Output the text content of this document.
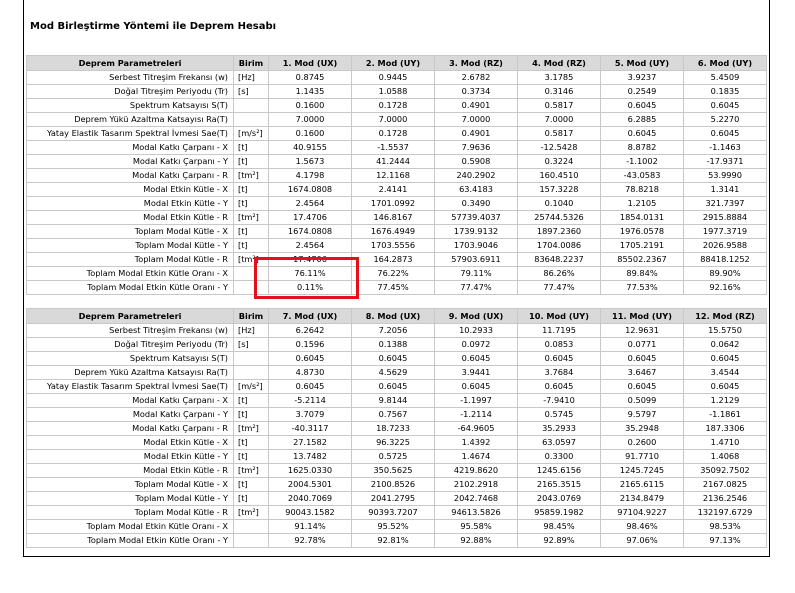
Mod Birleştirme Yöntemi ile Deprem Hesabı
Deprem Parametreleri	Birim	1. Mod (UX)	2. Mod (UY)	3. Mod (RZ)	4. Mod (RZ)	5. Mod (UY)	6. Mod (UY)
Serbest Titreşim Frekansı (w)	[Hz]	0.8745	0.9445	2.6782	3.1785	3.9237	5.4509
Doğal Titreşim Periyodu (Tr)	[s]	1.1435	1.0588	0.3734	0.3146	0.2549	0.1835
Spektrum Katsayısı S(T)		0.1600	0.1728	0.4901	0.5817	0.6045	0.6045
Deprem Yükü Azaltma Katsayısı Ra(T)		7.0000	7.0000	7.0000	7.0000	6.2885	5.2270
Yatay Elastik Tasarım Spektral İvmesi Sae(T)	[m/s²]	0.1600	0.1728	0.4901	0.5817	0.6045	0.6045
Modal Katkı Çarpanı - X	[t]	40.9155	-1.5537	7.9636	-12.5428	8.8782	-1.1463
Modal Katkı Çarpanı - Y	[t]	1.5673	41.2444	0.5908	0.3224	-1.1002	-17.9371
Modal Katkı Çarpanı - R	[tm²]	4.1798	12.1168	240.2902	160.4510	-43.0583	53.9990
Modal Etkin Kütle - X	[t]	1674.0808	2.4141	63.4183	157.3228	78.8218	1.3141
Modal Etkin Kütle - Y	[t]	2.4564	1701.0992	0.3490	0.1040	1.2105	321.7397
Modal Etkin Kütle - R	[tm²]	17.4706	146.8167	57739.4037	25744.5326	1854.0131	2915.8884
Toplam Modal Kütle - X	[t]	1674.0808	1676.4949	1739.9132	1897.2360	1976.0578	1977.3719
Toplam Modal Kütle - Y	[t]	2.4564	1703.5556	1703.9046	1704.0086	1705.2191	2026.9588
Toplam Modal Kütle - R	[tm²]	17.4706	164.2873	57903.6911	83648.2237	85502.2367	88418.1252
Toplam Modal Etkin Kütle Oranı - X		76.11%	76.22%	79.11%	86.26%	89.84%	89.90%
Toplam Modal Etkin Kütle Oranı - Y		0.11%	77.45%	77.47%	77.47%	77.53%	92.16%
Deprem Parametreleri	Birim	7. Mod (UX)	8. Mod (UX)	9. Mod (UX)	10. Mod (UY)	11. Mod (UY)	12. Mod (RZ)
Serbest Titreşim Frekansı (w)	[Hz]	6.2642	7.2056	10.2933	11.7195	12.9631	15.5750
Doğal Titreşim Periyodu (Tr)	[s]	0.1596	0.1388	0.0972	0.0853	0.0771	0.0642
Spektrum Katsayısı S(T)		0.6045	0.6045	0.6045	0.6045	0.6045	0.6045
Deprem Yükü Azaltma Katsayısı Ra(T)		4.8730	4.5629	3.9441	3.7684	3.6467	3.4544
Yatay Elastik Tasarım Spektral İvmesi Sae(T)	[m/s²]	0.6045	0.6045	0.6045	0.6045	0.6045	0.6045
Modal Katkı Çarpanı - X	[t]	-5.2114	9.8144	-1.1997	-7.9410	0.5099	1.2129
Modal Katkı Çarpanı - Y	[t]	3.7079	0.7567	-1.2114	0.5745	9.5797	-1.1861
Modal Katkı Çarpanı - R	[tm²]	-40.3117	18.7233	-64.9605	35.2933	35.2948	187.3306
Modal Etkin Kütle - X	[t]	27.1582	96.3225	1.4392	63.0597	0.2600	1.4710
Modal Etkin Kütle - Y	[t]	13.7482	0.5725	1.4674	0.3300	91.7710	1.4068
Modal Etkin Kütle - R	[tm²]	1625.0330	350.5625	4219.8620	1245.6156	1245.7245	35092.7502
Toplam Modal Kütle - X	[t]	2004.5301	2100.8526	2102.2918	2165.3515	2165.6115	2167.0825
Toplam Modal Kütle - Y	[t]	2040.7069	2041.2795	2042.7468	2043.0769	2134.8479	2136.2546
Toplam Modal Kütle - R	[tm²]	90043.1582	90393.7207	94613.5826	95859.1982	97104.9227	132197.6729
Toplam Modal Etkin Kütle Oranı - X		91.14%	95.52%	95.58%	98.45%	98.46%	98.53%
Toplam Modal Etkin Kütle Oranı - Y		92.78%	92.81%	92.88%	92.89%	97.06%	97.13%
